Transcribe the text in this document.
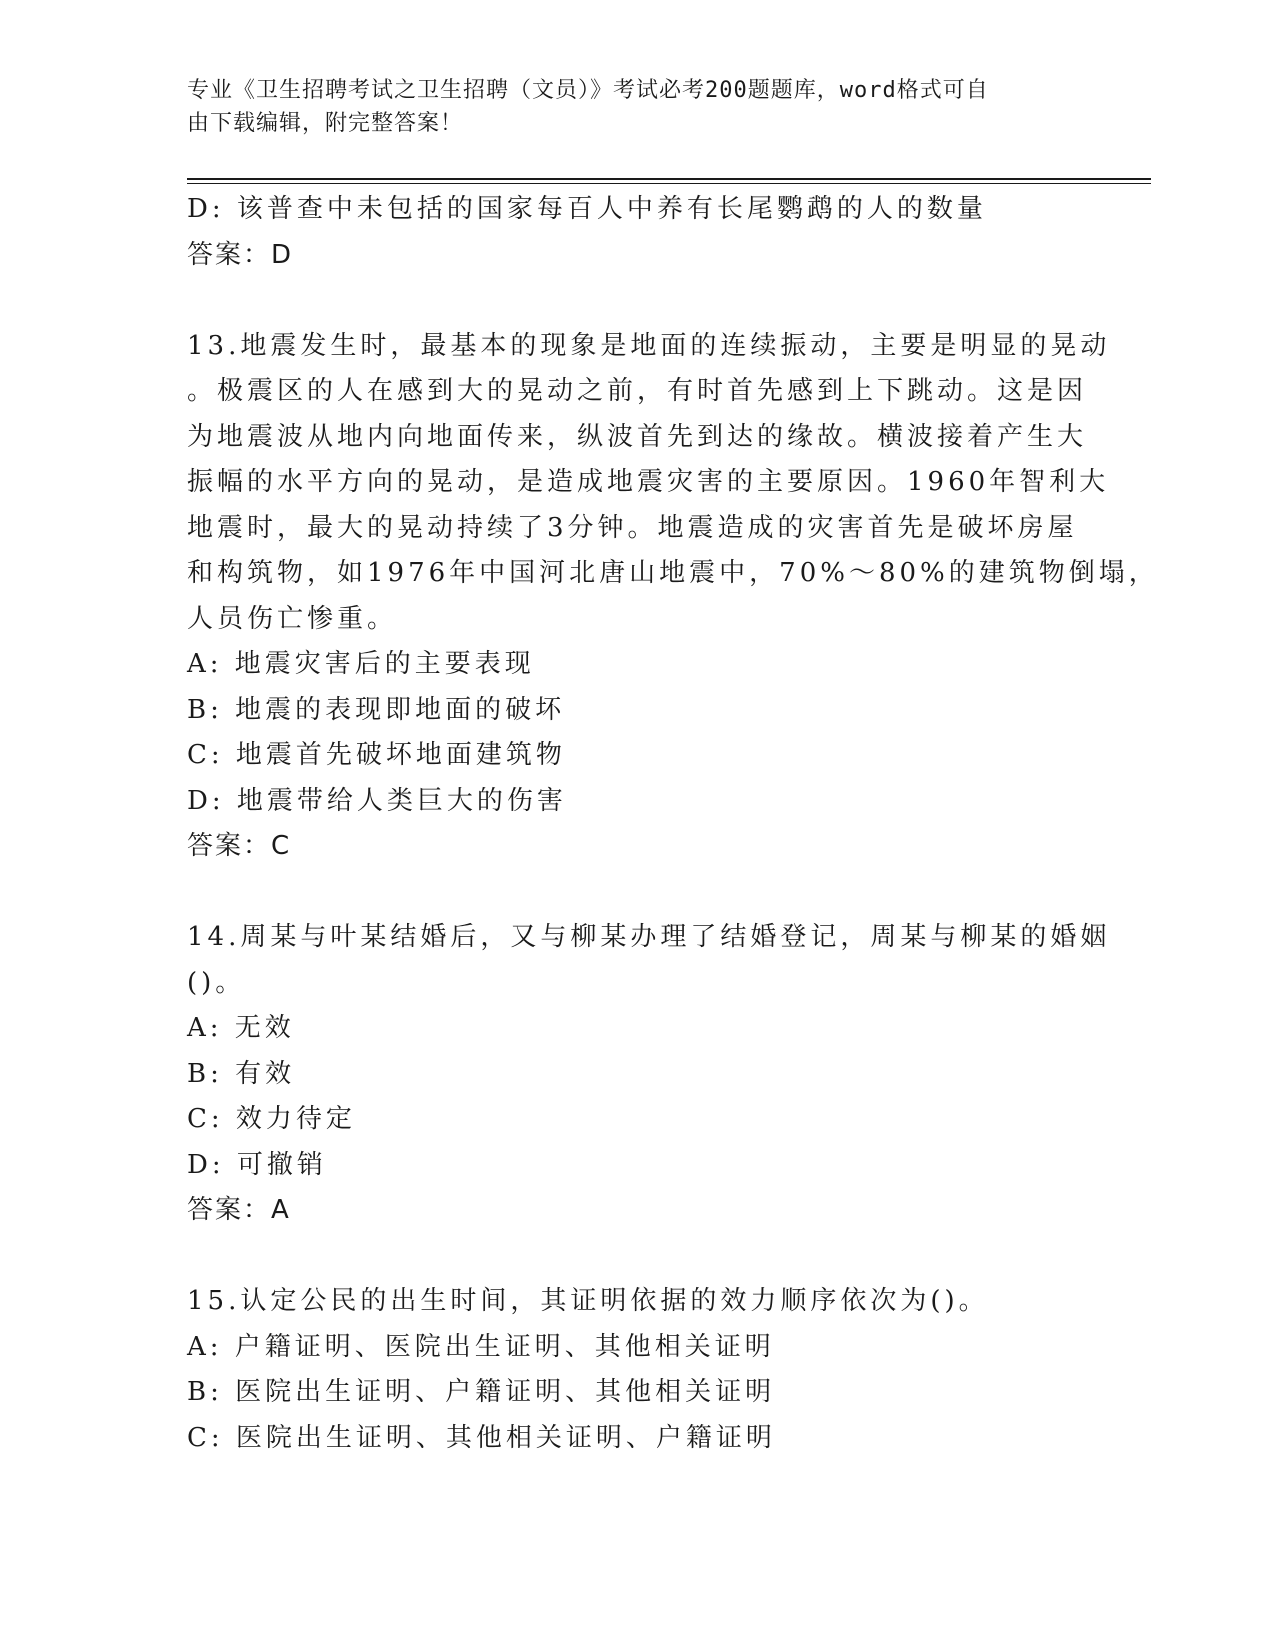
专业《卫生招聘考试之卫生招聘（文员）》考试必考200题题库，word格式可自
由下载编辑，附完整答案！
D: 该普查中未包括的国家每百人中养有长尾鹦鹉的人的数量
答案：D
13.地震发生时，最基本的现象是地面的连续振动，主要是明显的晃动
。极震区的人在感到大的晃动之前，有时首先感到上下跳动。这是因
为地震波从地内向地面传来，纵波首先到达的缘故。横波接着产生大
振幅的水平方向的晃动，是造成地震灾害的主要原因。1960年智利大
地震时，最大的晃动持续了3分钟。地震造成的灾害首先是破坏房屋
和构筑物，如1976年中国河北唐山地震中，70%～80%的建筑物倒塌，
人员伤亡惨重。
A: 地震灾害后的主要表现
B: 地震的表现即地面的破坏
C: 地震首先破坏地面建筑物
D: 地震带给人类巨大的伤害
答案：C
14.周某与叶某结婚后，又与柳某办理了结婚登记，周某与柳某的婚姻
()。
A: 无效
B: 有效
C: 效力待定
D: 可撤销
答案：A
15.认定公民的出生时间，其证明依据的效力顺序依次为()。
A: 户籍证明、医院出生证明、其他相关证明
B: 医院出生证明、户籍证明、其他相关证明
C: 医院出生证明、其他相关证明、户籍证明
